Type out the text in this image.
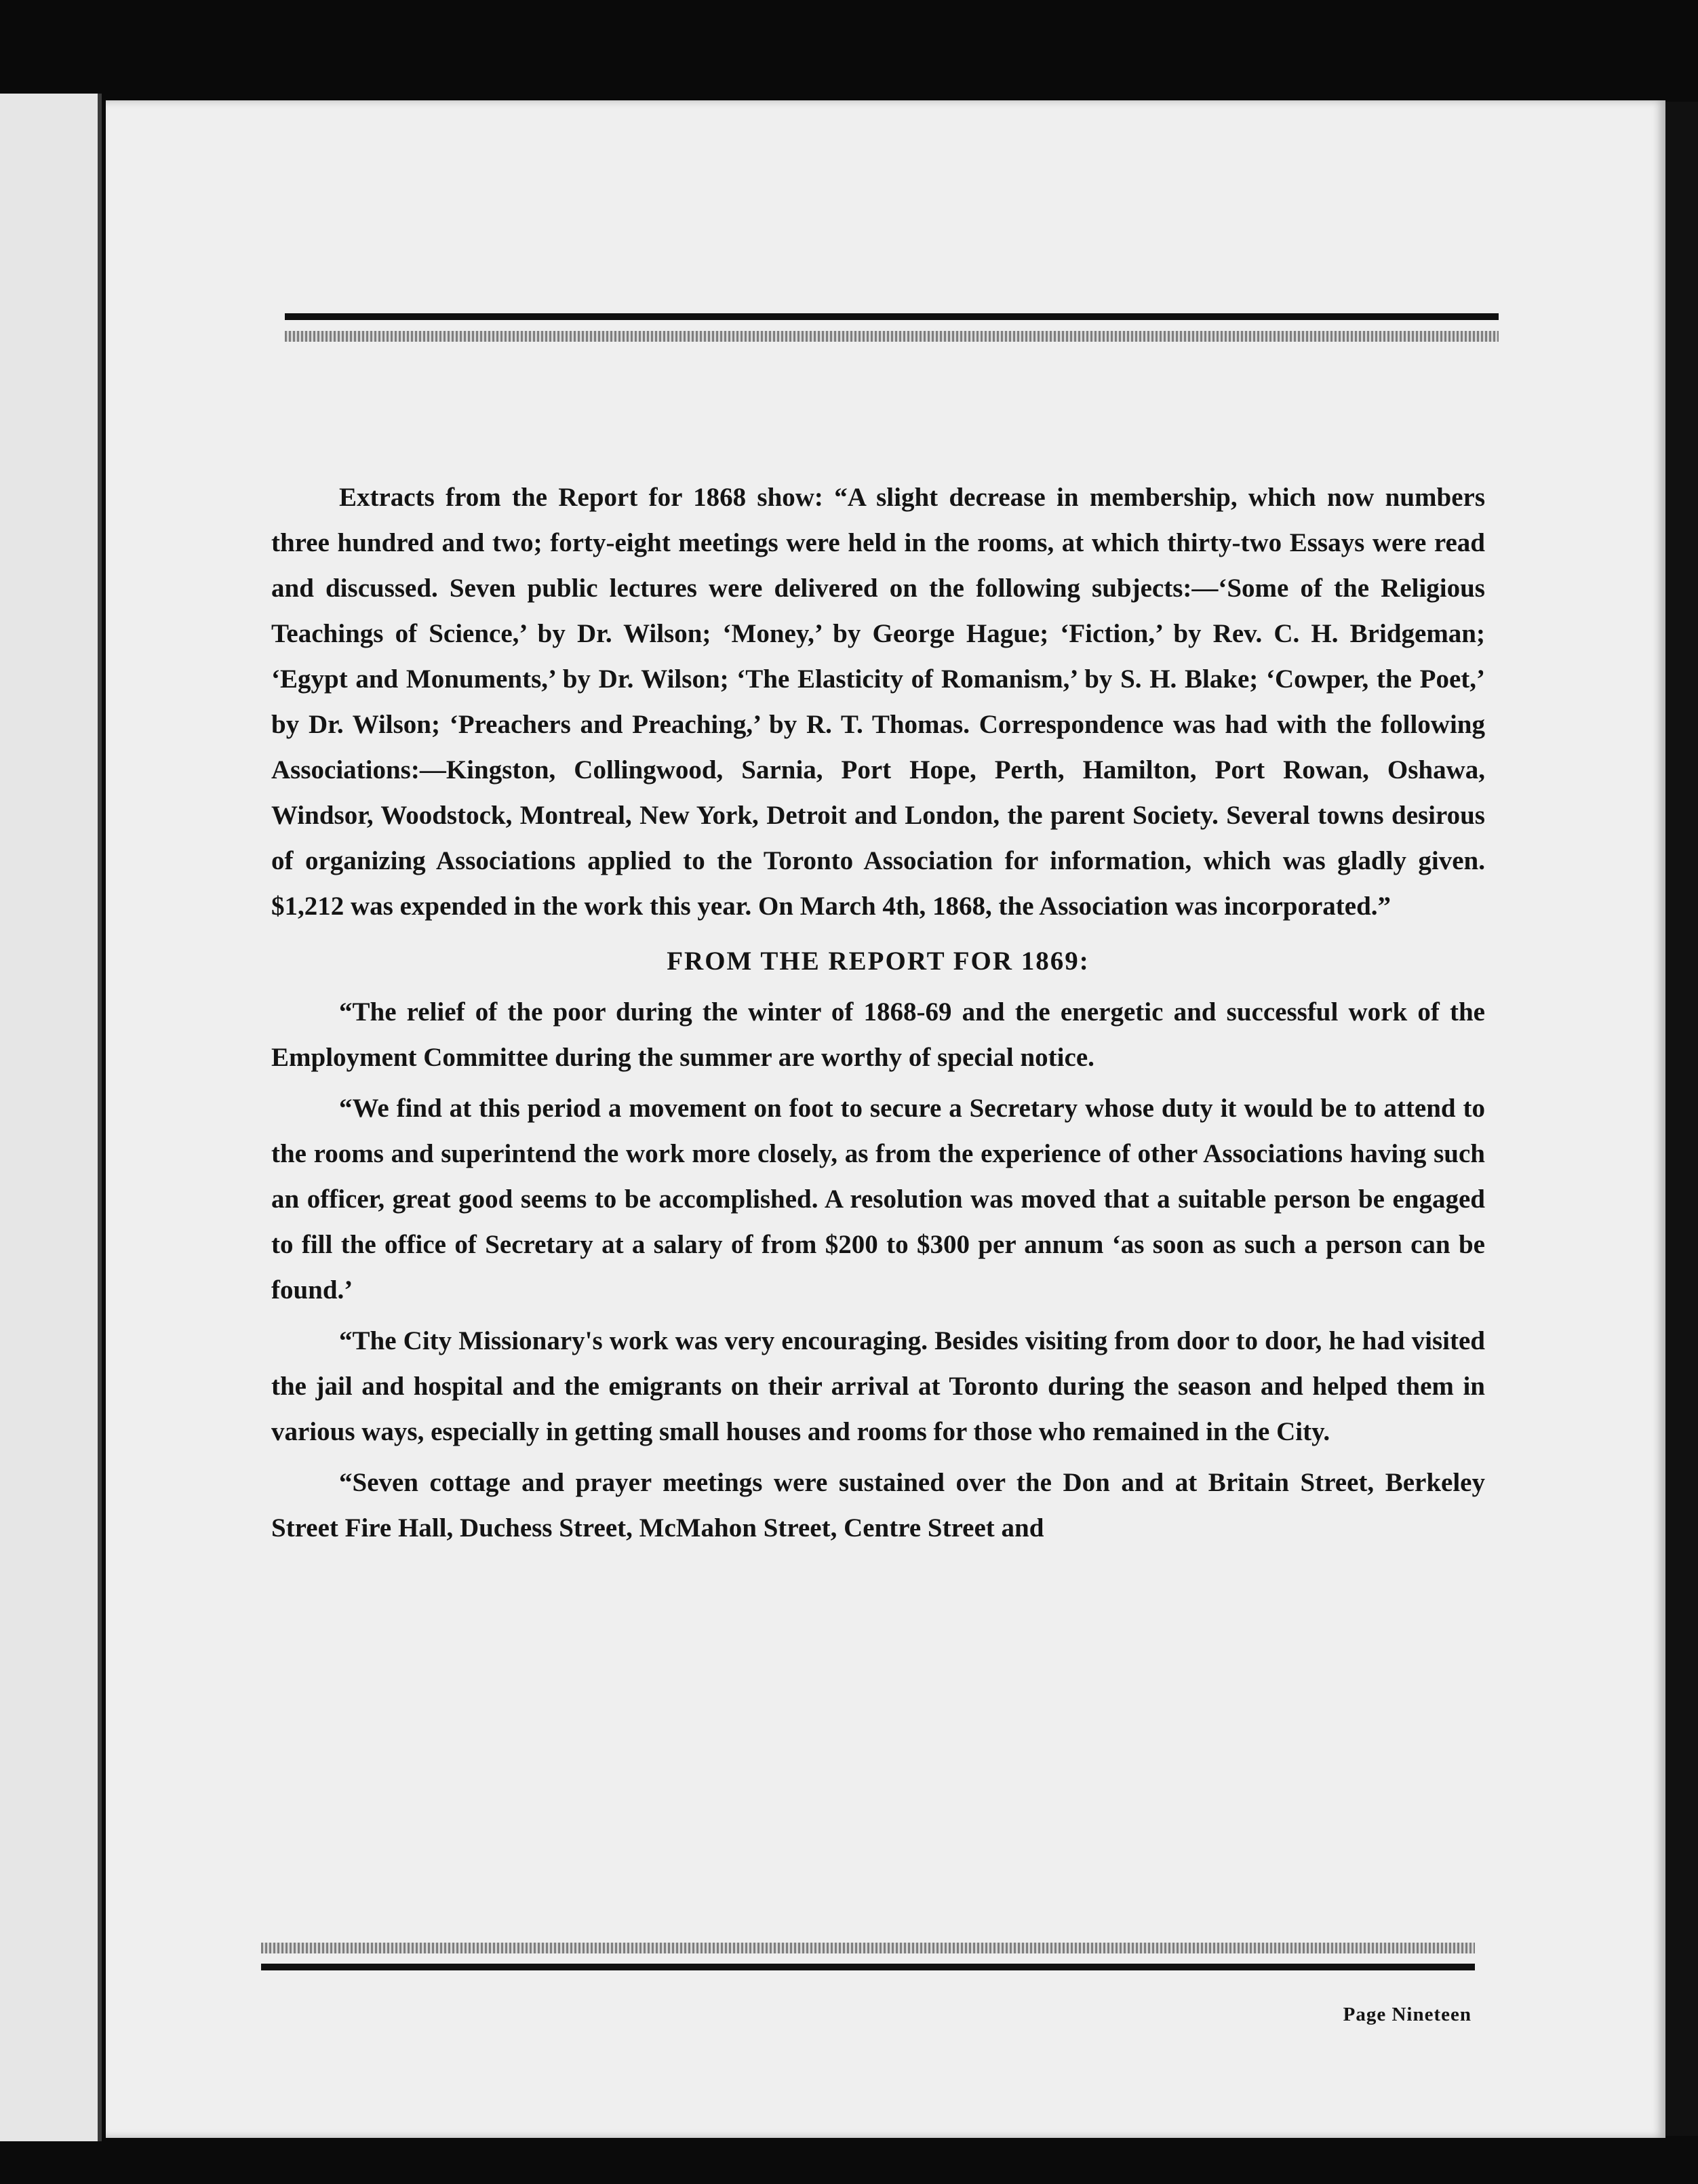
Extracts from the Report for 1868 show: “A slight decrease in membership, which now numbers three hundred and two; forty-eight meetings were held in the rooms, at which thirty-two Essays were read and discussed. Seven public lectures were delivered on the following subjects:—‘Some of the Religious Teachings of Science,’ by Dr. Wilson; ‘Money,’ by George Hague; ‘Fiction,’ by Rev. C. H. Bridgeman; ‘Egypt and Monuments,’ by Dr. Wilson; ‘The Elasticity of Romanism,’ by S. H. Blake; ‘Cowper, the Poet,’ by Dr. Wilson; ‘Preachers and Preaching,’ by R. T. Thomas. Correspondence was had with the following Associations:—Kingston, Collingwood, Sarnia, Port Hope, Perth, Hamilton, Port Rowan, Oshawa, Windsor, Woodstock, Montreal, New York, Detroit and London, the parent Society. Several towns desirous of organizing Associations applied to the Toronto Association for information, which was gladly given. $1,212 was expended in the work this year. On March 4th, 1868, the Association was incorporated.”

FROM THE REPORT FOR 1869:

“The relief of the poor during the winter of 1868-69 and the energetic and successful work of the Employment Committee during the summer are worthy of special notice.

“We find at this period a movement on foot to secure a Secretary whose duty it would be to attend to the rooms and superintend the work more closely, as from the experience of other Associations having such an officer, great good seems to be accomplished. A resolution was moved that a suitable person be engaged to fill the office of Secretary at a salary of from $200 to $300 per annum ‘as soon as such a person can be found.’

“The City Missionary's work was very encouraging. Besides visiting from door to door, he had visited the jail and hospital and the emigrants on their arrival at Toronto during the season and helped them in various ways, especially in getting small houses and rooms for those who remained in the City.

“Seven cottage and prayer meetings were sustained over the Don and at Britain Street, Berkeley Street Fire Hall, Duchess Street, McMahon Street, Centre Street and

Page Nineteen
